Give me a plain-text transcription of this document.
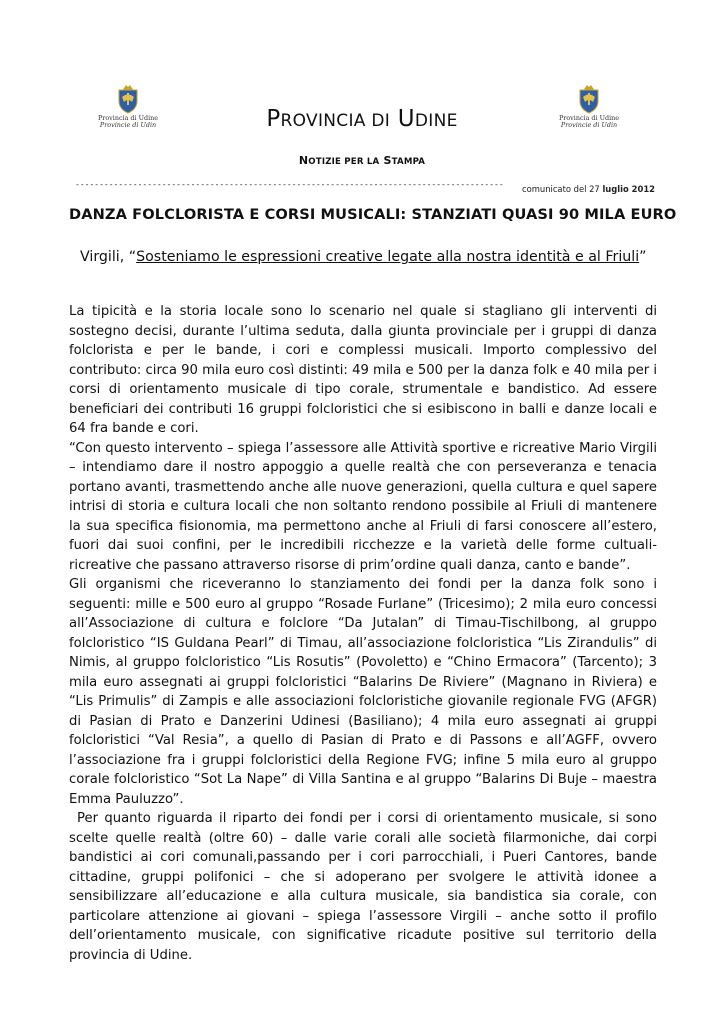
Provincia di Udine
Provincie di Udin
Provincia di Udine
Provincie di Udin
PROVINCIA DI UDINE
NOTIZIE PER LA STAMPA
-----------------------------------------------------------------------------------------	comunicato del 27 luglio 2012
DANZA FOLCLORISTA E CORSI MUSICALI: STANZIATI QUASI 90 MILA EURO
Virgili, “Sosteniamo le espressioni creative legate alla nostra identità e al Friuli”

La tipicità e la storia locale sono lo scenario nel quale si stagliano gli interventi di sostegno decisi, durante l’ultima seduta, dalla giunta provinciale per i gruppi di danza folclorista e per le bande, i cori e complessi musicali. Importo complessivo del contributo: circa 90 mila euro così distinti: 49 mila e 500 per la danza folk e 40 mila per i corsi di orientamento musicale di tipo corale, strumentale e bandistico. Ad essere beneficiari dei contributi 16 gruppi folcloristici che si esibiscono in balli e danze locali e 64 fra bande e cori.

“Con questo intervento – spiega l’assessore alle Attività sportive e ricreative Mario Virgili – intendiamo dare il nostro appoggio a quelle realtà che con perseveranza e tenacia portano avanti, trasmettendo anche alle nuove generazioni, quella cultura e quel sapere intrisi di storia e cultura locali che non soltanto rendono possibile al Friuli di mantenere la sua specifica fisionomia, ma permettono anche al Friuli di farsi conoscere all’estero, fuori dai suoi confini, per le incredibili ricchezze e la varietà delle forme cultuali-ricreative che passano attraverso risorse di prim’ordine quali danza, canto e bande”.

Gli organismi che riceveranno lo stanziamento dei fondi per la danza folk sono i seguenti: mille e 500 euro al gruppo “Rosade Furlane” (Tricesimo); 2 mila euro concessi all’Associazione di cultura e folclore “Da Jutalan” di Timau-Tischilbong, al gruppo folcloristico “IS Guldana Pearl” di Timau, all’associazione folcloristica “Lis Zirandulis” di Nimis, al gruppo folcloristico “Lis Rosutis” (Povoletto) e “Chino Ermacora” (Tarcento); 3 mila euro assegnati ai gruppi folcloristici “Balarins De Riviere” (Magnano in Riviera) e “Lis Primulis” di Zampis e alle associazioni folcloristiche giovanile regionale FVG (AFGR) di Pasian di Prato e Danzerini Udinesi (Basiliano); 4 mila euro assegnati ai gruppi folcloristici “Val Resia”, a quello di Pasian di Prato e di Passons e all’AGFF, ovvero l’associazione fra i gruppi folcloristici della Regione FVG; infine 5 mila euro al gruppo corale folcloristico “Sot La Nape” di Villa Santina e al gruppo “Balarins Di Buje – maestra Emma Pauluzzo”.

Per quanto riguarda il riparto dei fondi per i corsi di orientamento musicale, si sono scelte quelle realtà (oltre 60) – dalle varie corali alle società filarmoniche, dai corpi bandistici ai cori comunali,passando per i cori parrocchiali, i Pueri Cantores, bande cittadine, gruppi polifonici – che si adoperano per svolgere le attività idonee a sensibilizzare all’educazione e alla cultura musicale, sia bandistica sia corale, con particolare attenzione ai giovani – spiega l’assessore Virgili – anche sotto il profilo dell’orientamento musicale, con significative ricadute positive sul territorio della provincia di Udine.
